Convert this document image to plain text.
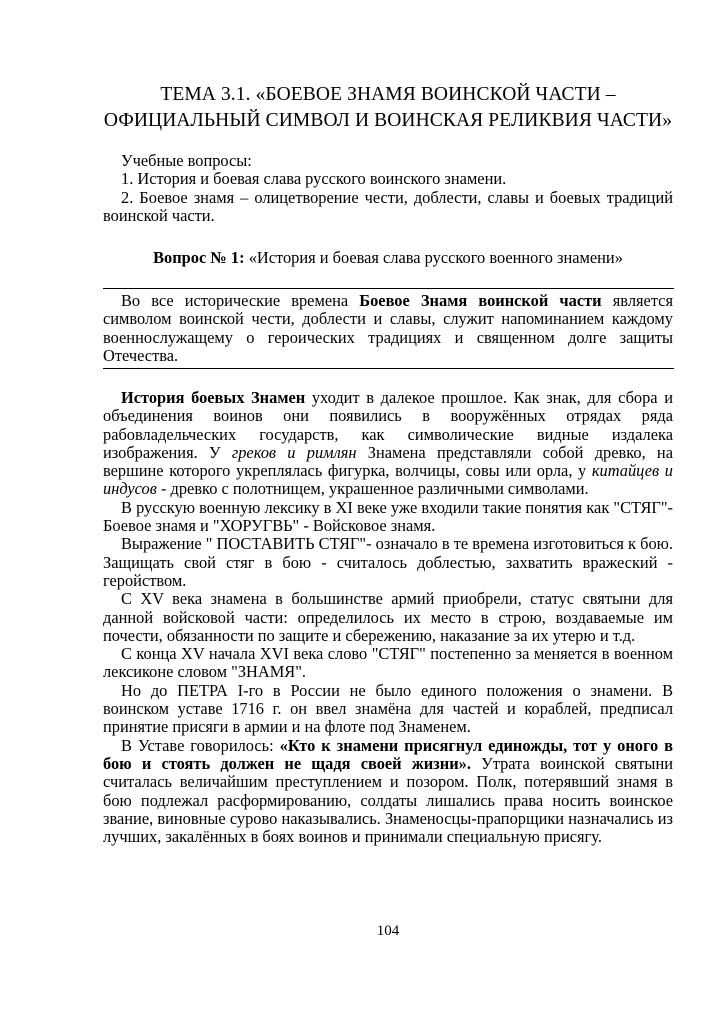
ТЕМА 3.1. «БОЕВОЕ ЗНАМЯ ВОИНСКОЙ ЧАСТИ –
ОФИЦИАЛЬНЫЙ СИМВОЛ И ВОИНСКАЯ РЕЛИКВИЯ ЧАСТИ»

Учебные вопросы:

1. История и боевая слава русского воинского знамени.

2. Боевое знамя – олицетворение чести, доблести, славы и боевых традиций воинской части.

Вопрос № 1: «История и боевая слава русского военного знамени»

Во все исторические времена Боевое Знамя воинской части является символом воинской чести, доблести и славы, служит напоминанием каждому военнослужащему о героических традициях и священном долге защиты Отечества.

История боевых Знамен уходит в далекое прошлое. Как знак, для сбора и объединения воинов они появились в вооружённых отрядах ряда рабовладельческих государств, как символические видные издалека изображения. У греков и римлян Знамена представляли собой древко, на вершине которого укреплялась фигурка, волчицы, совы или орла, у китайцев и индусов - древко с полотнищем, украшенное различными символами.

В русскую военную лексику в XI веке уже входили такие понятия как "СТЯГ"- Боевое знамя и "ХОРУГВЬ" - Войсковое знамя.

Выражение " ПОСТАВИТЬ СТЯГ"- означало в те времена изготовиться к бою. Защищать свой стяг в бою - считалось доблестью, захватить вражеский - геройством.

С XV века знамена в большинстве армий приобрели, статус святыни для данной войсковой части: определилось их место в строю, воздаваемые им почести, обязанности по защите и сбережению, наказание за их утерю и т.д.

С конца XV начала XVI века слово "СТЯГ" постепенно за меняется в военном лексиконе словом "ЗНАМЯ".

Но до ПЕТРА I-го в России не было единого положения о знамени. В воинском уставе 1716 г. он ввел знамёна для частей и кораблей, предписал принятие присяги в армии и на флоте под Знаменем.

В Уставе говорилось: «Кто к знамени присягнул единожды, тот у оного в бою и стоять должен не щадя своей жизни». Утрата воинской святыни считалась величайшим преступлением и позором. Полк, потерявший знамя в бою подлежал расформированию, солдаты лишались права носить воинское звание, виновные сурово наказывались. Знаменосцы-прапорщики назначались из лучших, закалённых в боях воинов и принимали специальную присягу.

104
